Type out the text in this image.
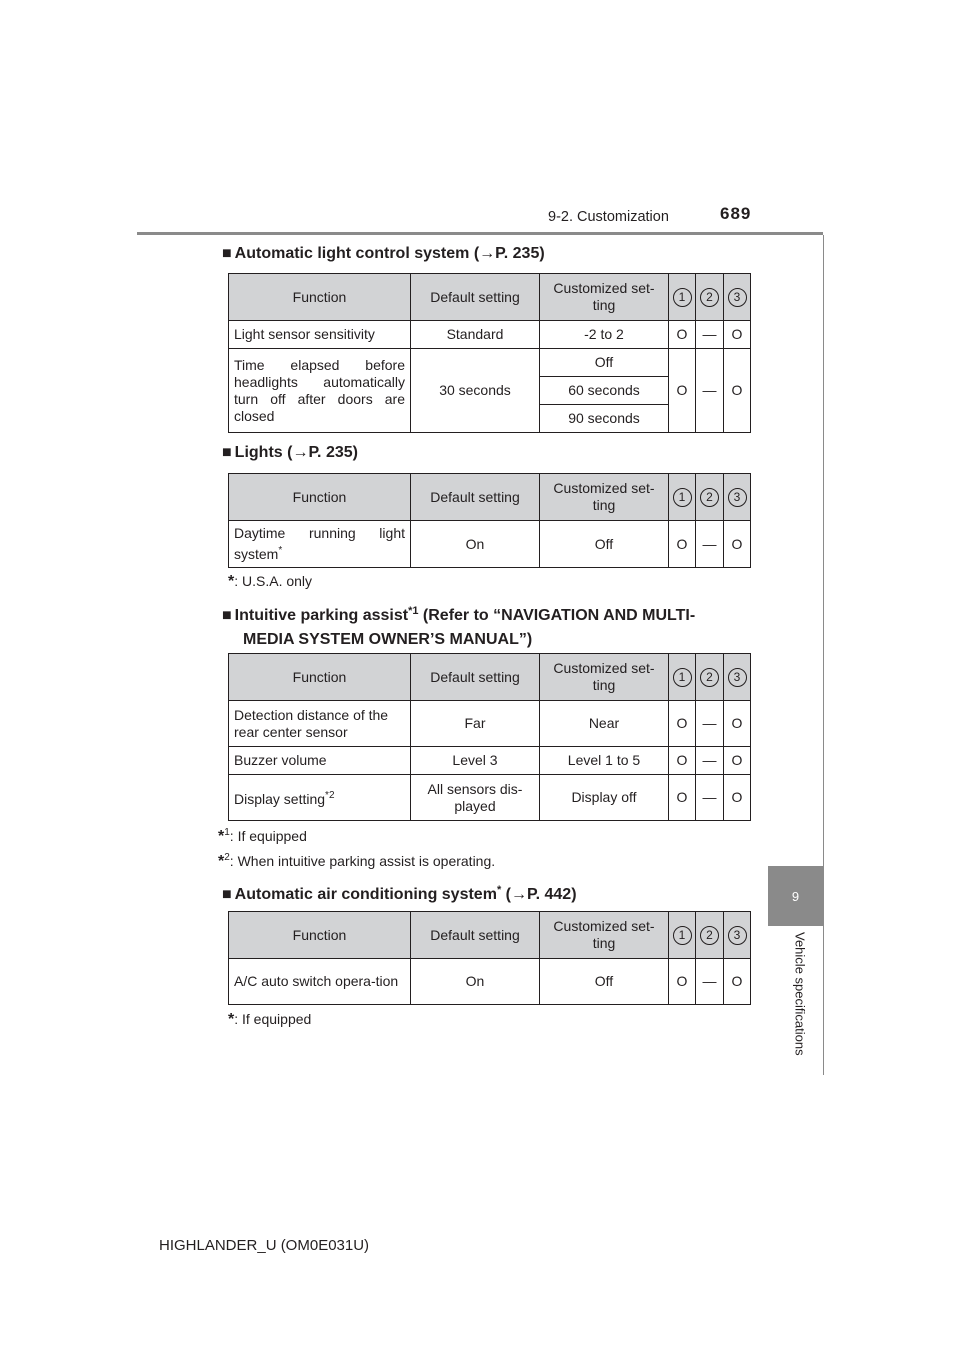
9-2. Customization	689
9
Vehicle specifications
■ Automatic light control system (→P. 235)
Function	Default setting	Customized set-ting	1	2	3
Light sensor sensitivity	Standard	-2 to 2	O	—	O
Time elapsed before headlights automatically turn off after doors are closed	30 seconds	Off	O	—	O
		60 seconds			
		90 seconds			
■ Lights (→P. 235)
Function	Default setting	Customized set-ting	1	2	3
Daytime running light system*	On	Off	O	—	O
*: U.S.A. only
■ Intuitive parking assist$^{*1}$ (Refer to “NAVIGATION AND MULTI-
MEDIA SYSTEM OWNER’S MANUAL”)
Function	Default setting	Customized set-ting	1	2	3
Detection distance of the rear center sensor	Far	Near	O	—	O
Buzzer volume	Level 3	Level 1 to 5	O	—	O
Display setting$^{*2}$	All sensors dis-played	Display off	O	—	O
*$^1$: If equipped
*$^2$: When intuitive parking assist is operating.
■ Automatic air conditioning system* (→P. 442)
Function	Default setting	Customized set-ting	1	2	3
A/C auto switch opera-tion	On	Off	O	—	O
*: If equipped
HIGHLANDER_U (OM0E031U)
